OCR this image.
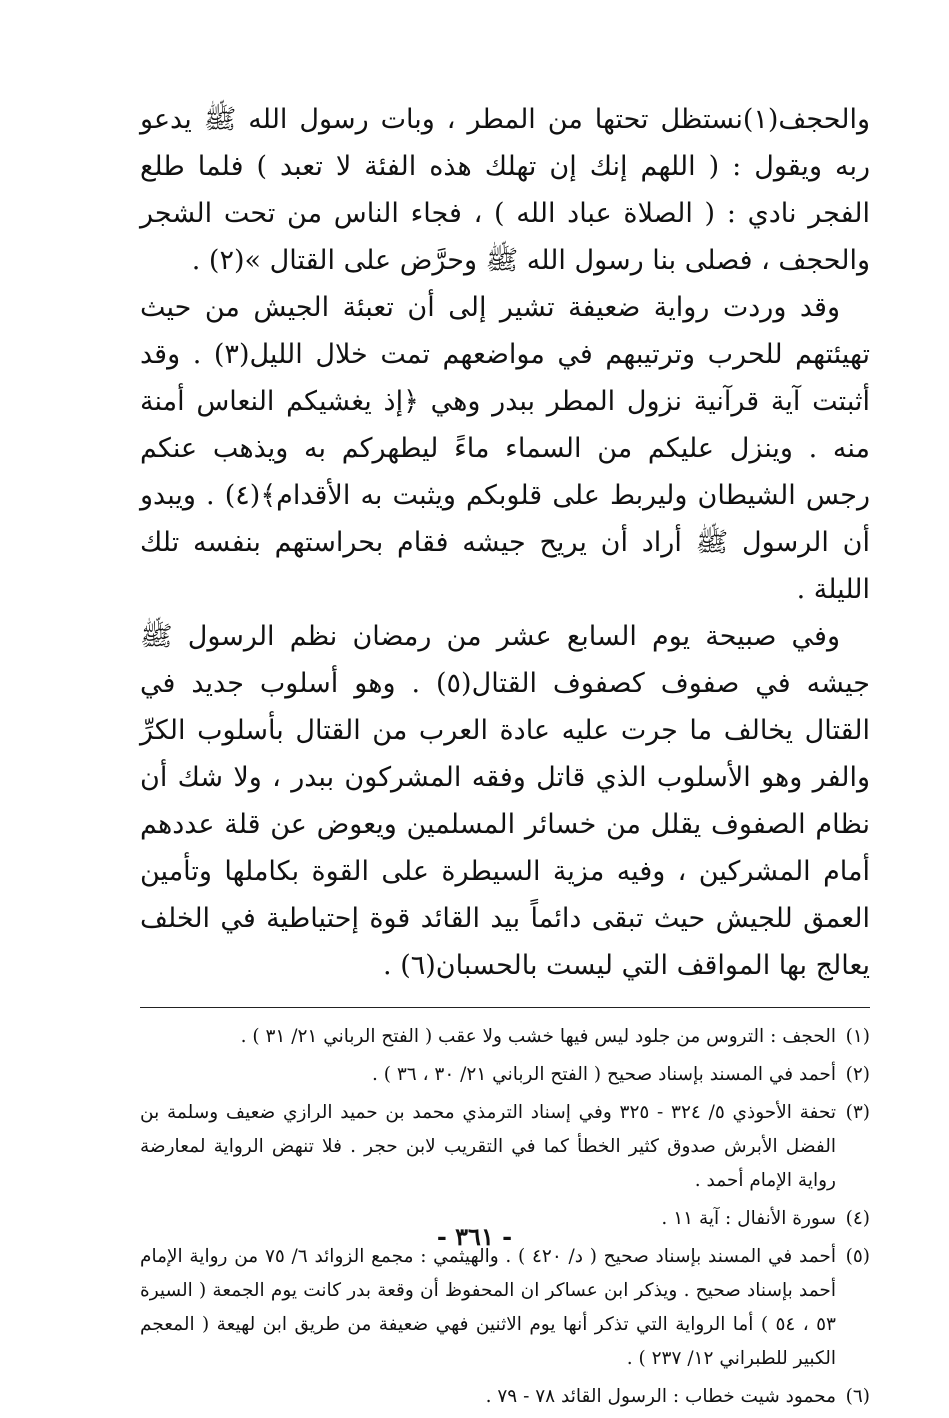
والحجف(١)نستظل تحتها من المطر ، وبات رسول الله ﷺ يدعو ربه ويقول : ( اللهم إنك إن تهلك هذه الفئة لا تعبد ) فلما طلع الفجر نادي : ( الصلاة عباد الله ) ، فجاء الناس من تحت الشجر والحجف ، فصلى بنا رسول الله ﷺ وحرَّض على القتال »(٢) .

وقد وردت رواية ضعيفة تشير إلى أن تعبئة الجيش من حيث تهيئتهم للحرب وترتيبهم في مواضعهم تمت خلال الليل(٣) . وقد أثبتت آية قرآنية نزول المطر ببدر وهي ﴿إذ يغشيكم النعاس أمنة منه . وينزل عليكم من السماء ماءً ليطهركم به ويذهب عنكم رجس الشيطان وليربط على قلوبكم ويثبت به الأقدام﴾(٤) . ويبدو أن الرسول ﷺ أراد أن يريح جيشه فقام بحراستهم بنفسه تلك الليلة .

وفي صبيحة يوم السابع عشر من رمضان نظم الرسول ﷺ جيشه في صفوف كصفوف القتال(٥) . وهو أسلوب جديد في القتال يخالف ما جرت عليه عادة العرب من القتال بأسلوب الكرِّ والفر وهو الأسلوب الذي قاتل وفقه المشركون ببدر ، ولا شك أن نظام الصفوف يقلل من خسائر المسلمين ويعوض عن قلة عددهم أمام المشركين ، وفيه مزية السيطرة على القوة بكاملها وتأمين العمق للجيش حيث تبقى دائماً بيد القائد قوة إحتياطية في الخلف يعالج بها المواقف التي ليست بالحسبان(٦) .

(١)
الحجف : التروس من جلود ليس فيها خشب ولا عقب ( الفتح الرباني ٢١/ ٣١ ) .
(٢)
أحمد في المسند بإسناد صحيح ( الفتح الرباني ٢١/ ٣٠ ، ٣٦ ) .
(٣)
تحفة الأحوذي ٥/ ٣٢٤ - ٣٢٥ وفي إسناد الترمذي محمد بن حميد الرازي ضعيف وسلمة بن الفضل الأبرش صدوق كثير الخطأ كما في التقريب لابن حجر . فلا تنهض الرواية لمعارضة رواية الإمام أحمد .
(٤)
سورة الأنفال : آية ١١ .
(٥)
أحمد في المسند بإسناد صحيح ( د/ ٤٢٠ ) . والهيثمي : مجمع الزوائد ٦/ ٧٥ من رواية الإمام أحمد بإسناد صحيح . ويذكر ابن عساكر ان المحفوظ أن وقعة بدر كانت يوم الجمعة ( السيرة ٥٣ ، ٥٤ ) أما الرواية التي تذكر أنها يوم الاثنين فهي ضعيفة من طريق ابن لهيعة ( المعجم الكبير للطبراني ١٢/ ٢٣٧ ) .
(٦)
محمود شيت خطاب : الرسول القائد ٧٨ - ٧٩ .
- ٣٦١ -
